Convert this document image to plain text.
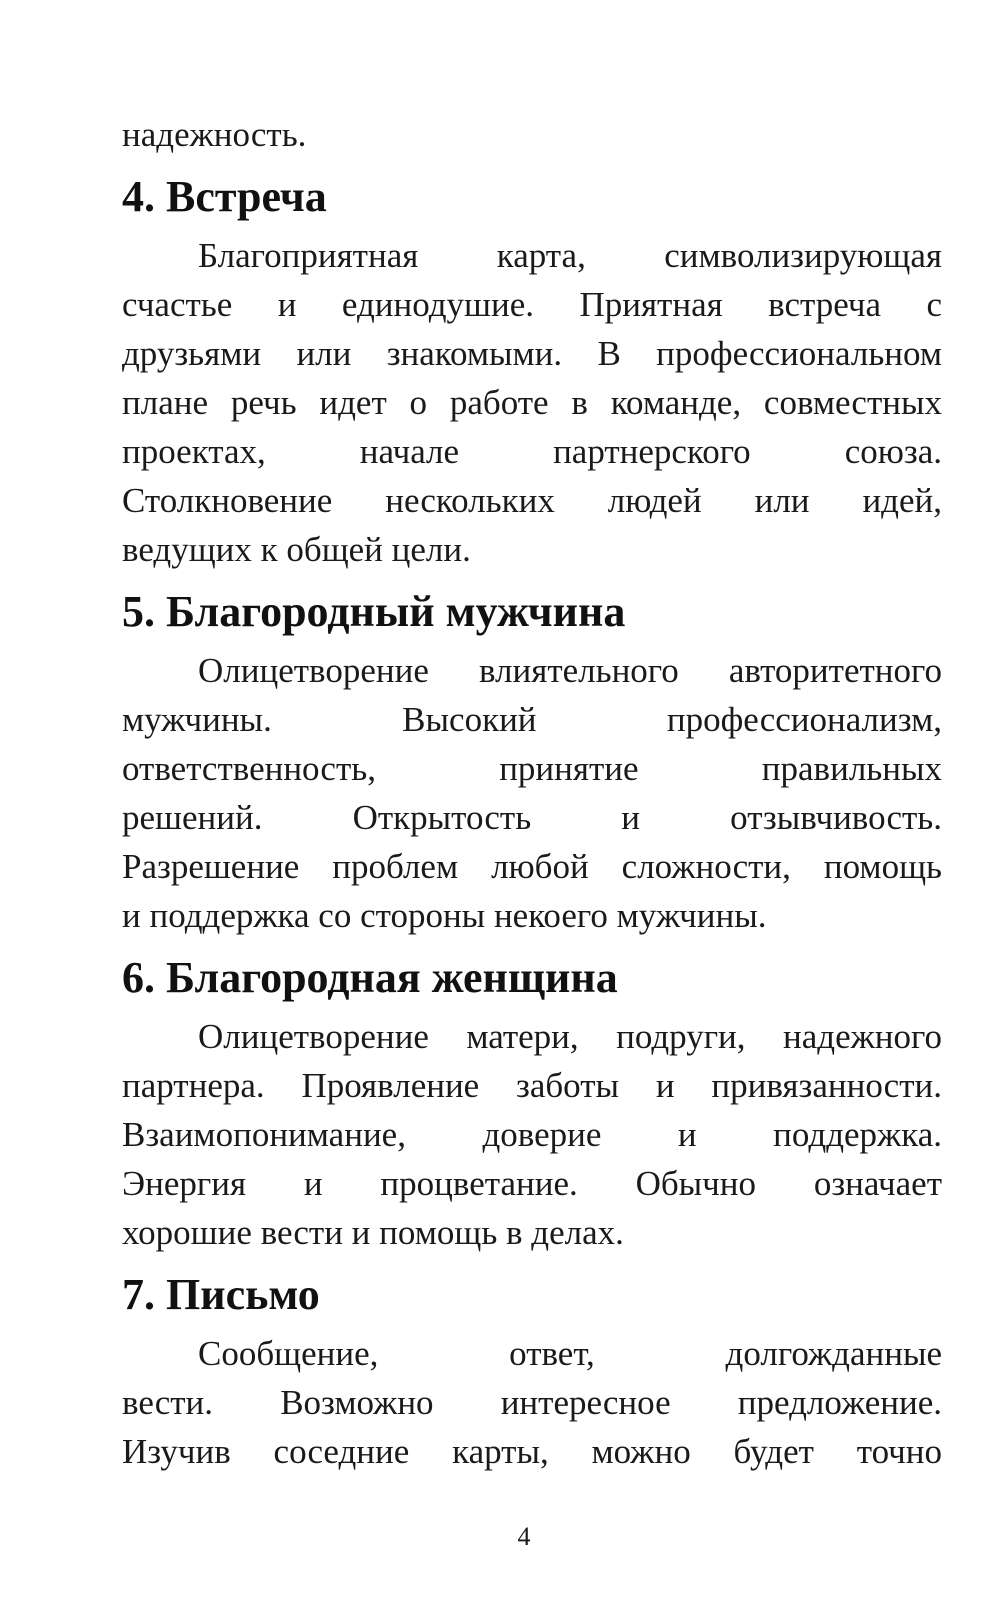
надежность.

4. Встреча

Благоприятная карта, символизирующая

счастье и единодушие. Приятная встреча с

друзьями или знакомыми. В профессиональном

плане речь идет о работе в команде, совместных

проектах, начале партнерского союза.

Столкновение нескольких людей или идей,

ведущих к общей цели.

5. Благородный мужчина

Олицетворение влиятельного авторитетного

мужчины. Высокий профессионализм,

ответственность, принятие правильных

решений. Открытость и отзывчивость.

Разрешение проблем любой сложности, помощь

и поддержка со стороны некоего мужчины.

6. Благородная женщина

Олицетворение матери, подруги, надежного

партнера. Проявление заботы и привязанности.

Взаимопонимание, доверие и поддержка.

Энергия и процветание. Обычно означает

хорошие вести и помощь в делах.

7. Письмо

Сообщение, ответ, долгожданные

вести. Возможно интересное предложение.

Изучив соседние карты, можно будет точно

4
